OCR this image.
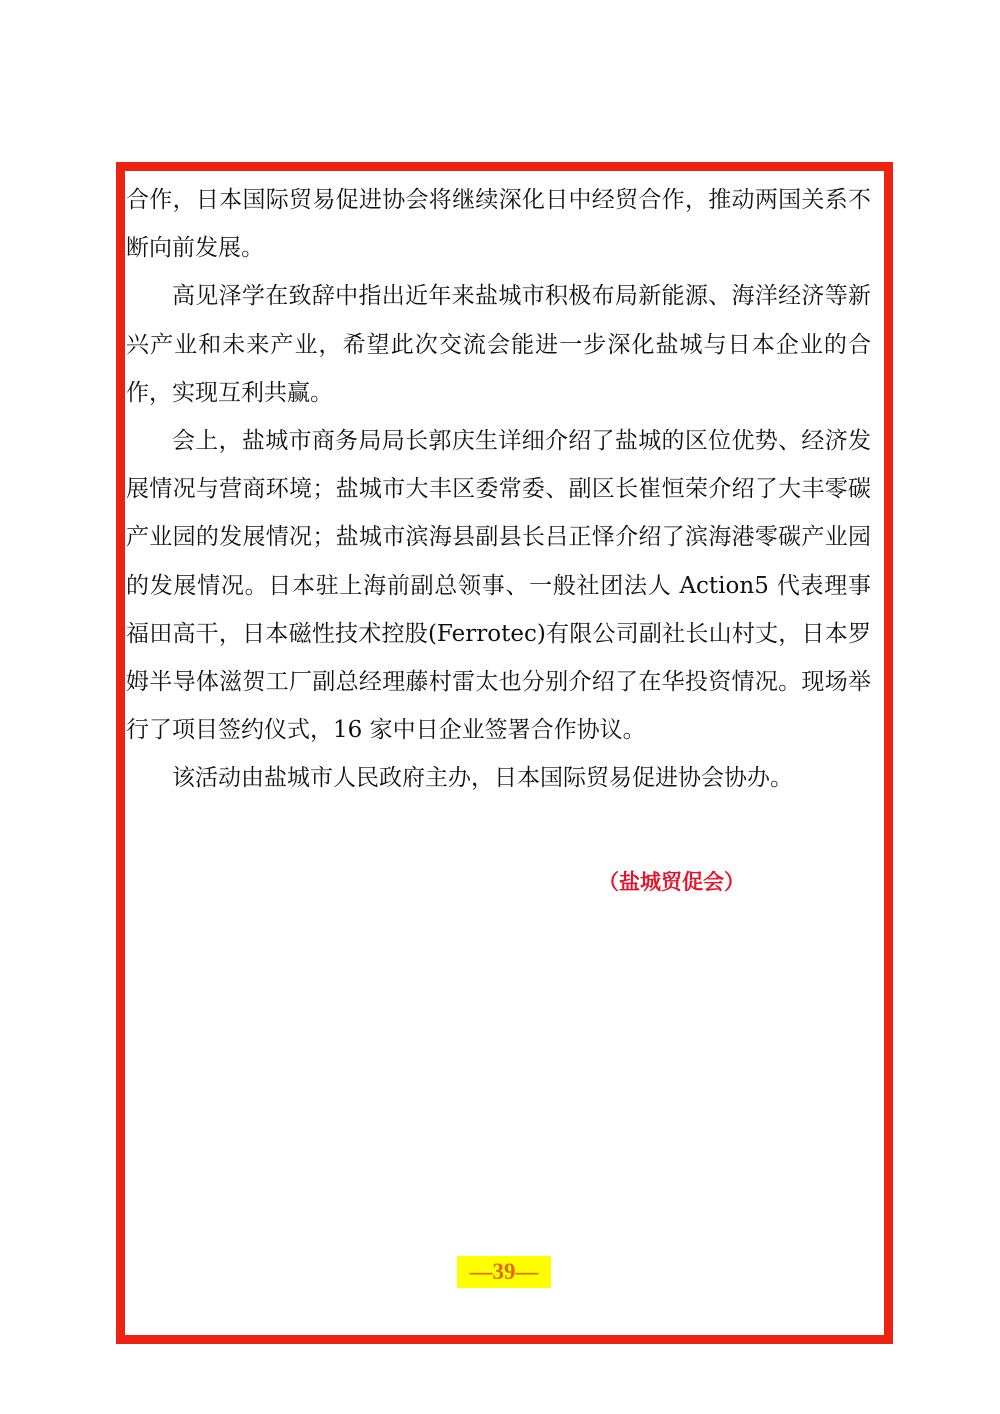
合作，日本国际贸易促进协会将继续深化日中经贸合作，推动两国关系不断向前发展。

高见泽学在致辞中指出近年来盐城市积极布局新能源、海洋经济等新兴产业和未来产业，希望此次交流会能进一步深化盐城与日本企业的合作，实现互利共赢。

会上，盐城市商务局局长郭庆生详细介绍了盐城的区位优势、经济发展情况与营商环境；盐城市大丰区委常委、副区长崔恒荣介绍了大丰零碳产业园的发展情况；盐城市滨海县副县长吕正怿介绍了滨海港零碳产业园的发展情况。日本驻上海前副总领事、一般社团法人 Action5 代表理事福田高干，日本磁性技术控股(Ferrotec)有限公司副社长山村丈，日本罗姆半导体滋贺工厂副总经理藤村雷太也分别介绍了在华投资情况。现场举行了项目签约仪式，16 家中日企业签署合作协议。

该活动由盐城市人民政府主办，日本国际贸易促进协会协办。

（盐城贸促会）
—39—
